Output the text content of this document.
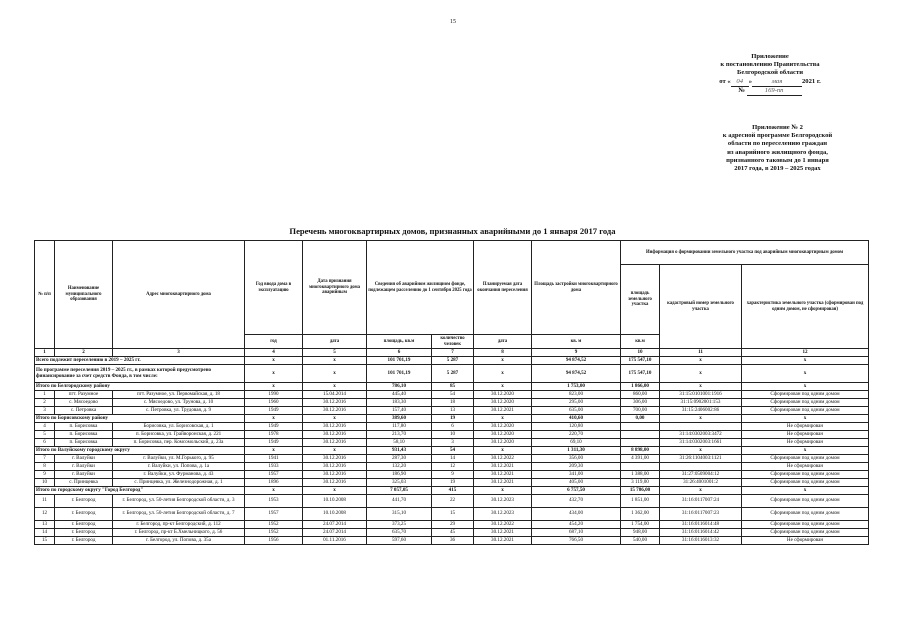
15
Приложение
к постановлению Правительства
Белгородской области
от « 04 »	мая	2021 г.
№	169-пп
Приложение № 2
к адресной программе Белгородской
области по переселению граждан
из аварийного жилищного фонда,
признанного таковым до 1 января
2017 года, в 2019 – 2025 годах
Перечень многоквартирных домов, признанных аварийными до 1 января 2017 года
№ п/п	Наименование муниципального образования	Адрес многоквартирного дома	Год ввода дома в эксплуатацию	Дата признания многоквартирного дома аварийным	Сведения об аварийном жилищном фонде, подлежащем расселению до 1 сентября 2025 года		Планируемая дата окончания переселения	Площадь застройки многоквартирного дома	Информация о формировании земельного участка под аварийным многоквартирным домом		
									площадь земельного участка	кадастровый номер земельного участка	характеристика земельного участка (сформирован под одним домом, не сформирован)
			год	дата	площадь, кв.м	количество человек	дата	кв. м	кв.м		
1	2	3	4	5	6	7	8	9	10	11	12
Всего подлежит переселению в 2019 – 2025 гг.			х	х	101 701,19	5 287	х	94 874,52	175 547,10	х	х
По программе переселения 2019 – 2025 гг., в рамках которой предусмотрено финансирование за счет средств Фонда, в том числе:			х	х	101 701,19	5 287	х	94 874,52	175 547,10	х	х
Итого по Белгородскому району			х	х	786,10	85	х	1 753,00	1 866,00	х	х
1	пгт. Разумное	пгт. Разумное, ул. Первомайская, д. 18	1990	15.04.2014	445,40	54	30.12.2020	823,00	860,00	31:15:0101001:1916	Сформирован под одним домом
2	с. Мясоедово	с. Мясоедово, ул. Трунова, д. 10	1960	30.12.2016	183,30	18	30.12.2020	295,00	306,00	31:15:0902001:153	Сформирован под одним домом
3	с. Петровка	с. Петровка, ул. Трудовая, д. 9	1949	30.12.2016	157,40	13	30.12.2021	635,00	700,00	31:15:2406002:86	Сформирован под одним домом
Итого по Борисовскому району			х	х	389,60	19	х	410,60	0,00	х	х
4	п. Борисовка	Борисовка, ул. Борисовская, д. 1	1949	30.12.2016	117,80	6	30.12.2020	120,80			Не сформирован
5	п. Борисовка	п. Борисовка, ул. Грайворонская, д. 221	1978	30.12.2016	213,70	10	30.12.2020	220,70		31:14:0302003:3472	Не сформирован
6	п. Борисовка	п. Борисовка, пер. Комсомольский, д. 23а	1949	30.12.2016	58,10	3	30.12.2020	69,10		31:14:0302003:1661	Не сформирован
Итого по Валуйскому городскому округу			х	х	931,43	54	х	1 311,30	8 898,00	х	х
7	г. Валуйки	г. Валуйки, ул. М.Горького, д. 95	1941	30.12.2016	287,30	14	30.12.2022	356,00	4 391,00	31:26:1104003:1121	Сформирован под одним домом
8	г. Валуйки	г. Валуйки, ул. Попова, д. 1а	1933	30.12.2016	132,20	12	30.12.2021	209,30			Не сформирован
9	г. Валуйки	г. Валуйки, ул. Фурманова, д. 43	1957	30.12.2016	186,90	9	30.12.2021	341,00	1 388,00	31:27:0509004:12	Сформирован под одним домом
10	с. Принцевка	с. Принцевка, ул. Железнодорожная, д. 1	1896	30.12.2016	325,03	19	30.12.2021	405,00	3 119,00	31:26:4001001:2	Сформирован под одним домом
Итого по городскому округу "Город Белгород"			х	х	7 057,05	415	х	6 757,50	15 786,00	х	х
11	г. Белгород	г. Белгород, ул. 50-летия Белгородской области, д. 3	1953	10.10.2008	441,70	22	30.12.2023	432,70	1 851,00	31:16:0117007:24	Сформирован под одним домом
12	г. Белгород	г. Белгород, ул. 50-летия Белгородской области, д. 7	1957	10.10.2008	315,10	15	30.12.2023	434,00	1 362,00	31:16:0117007:23	Сформирован под одним домом
13	г. Белгород	г. Белгород, пр-кт Белгородский, д. 112	1952	24.07.2014	373,25	29	30.12.2022	454,20	1 754,00	31:16:0116014:48	Сформирован под одним домом
14	г. Белгород	г. Белгород, пр-кт Б.Хмельницкого, д. 56	1952	24.07.2014	635,70	45	30.12.2021	687,10	948,00	31:16:0116014:42	Сформирован под одним домом
15	г. Белгород	г. Белгород, ул. Попова, д. 35а	1956	01.11.2016	597,60	36	30.12.2021	766,50	540,00	31:16:0116013:32	Не сформирован
